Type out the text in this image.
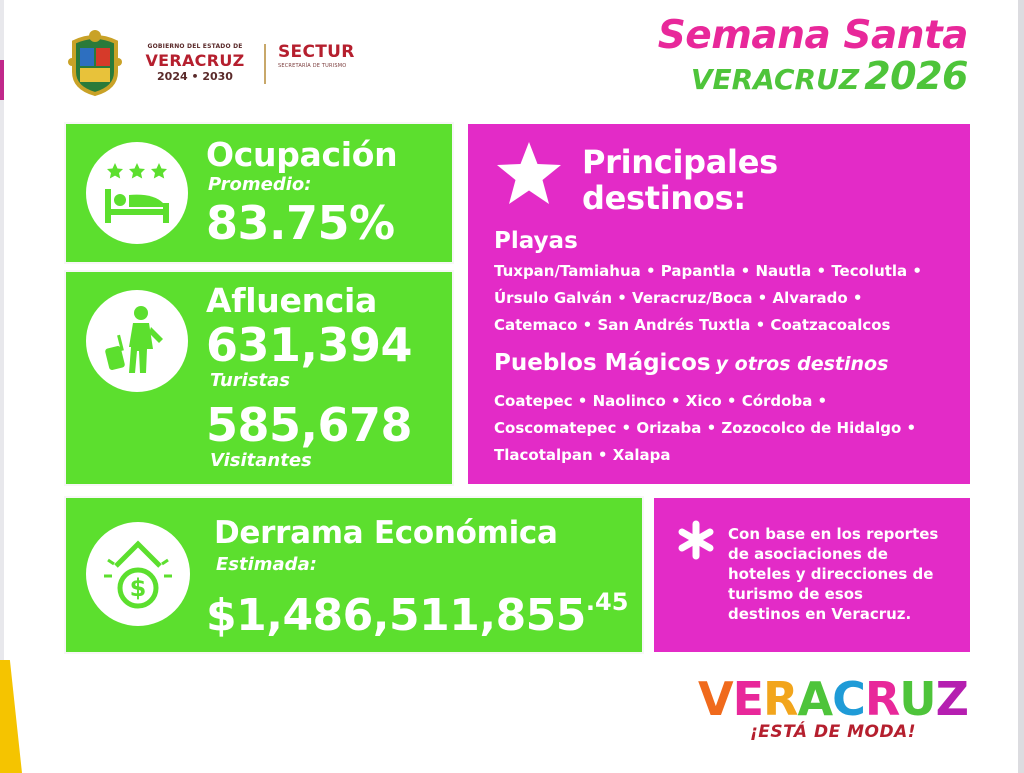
GOBIERNO DEL ESTADO DE
VERACRUZ
2024 • 2030
SECTUR
SECRETARÍA DE TURISMO
Semana Santa
VERACRUZ 2026
Ocupación
Promedio:
83.75%
Afluencia
631,394
Turistas
585,678
Visitantes
Principales
destinos:
Playas
Tuxpan/Tamiahua • Papantla • Nautla • Tecolutla •
Úrsulo Galván • Veracruz/Boca • Alvarado •
Catemaco • San Andrés Tuxtla • Coatzacoalcos
Pueblos Mágicos y otros destinos
Coatepec • Naolinco • Xico • Córdoba •
Coscomatepec • Orizaba • Zozocolco de Hidalgo •
Tlacotalpan • Xalapa
$
Derrama Económica
Estimada:
$1,486,511,855.45
Con base en los reportes
de asociaciones de
hoteles y direcciones de
turismo de esos
destinos en Veracruz.
VERACRUZ
¡ESTÁ DE MODA!
